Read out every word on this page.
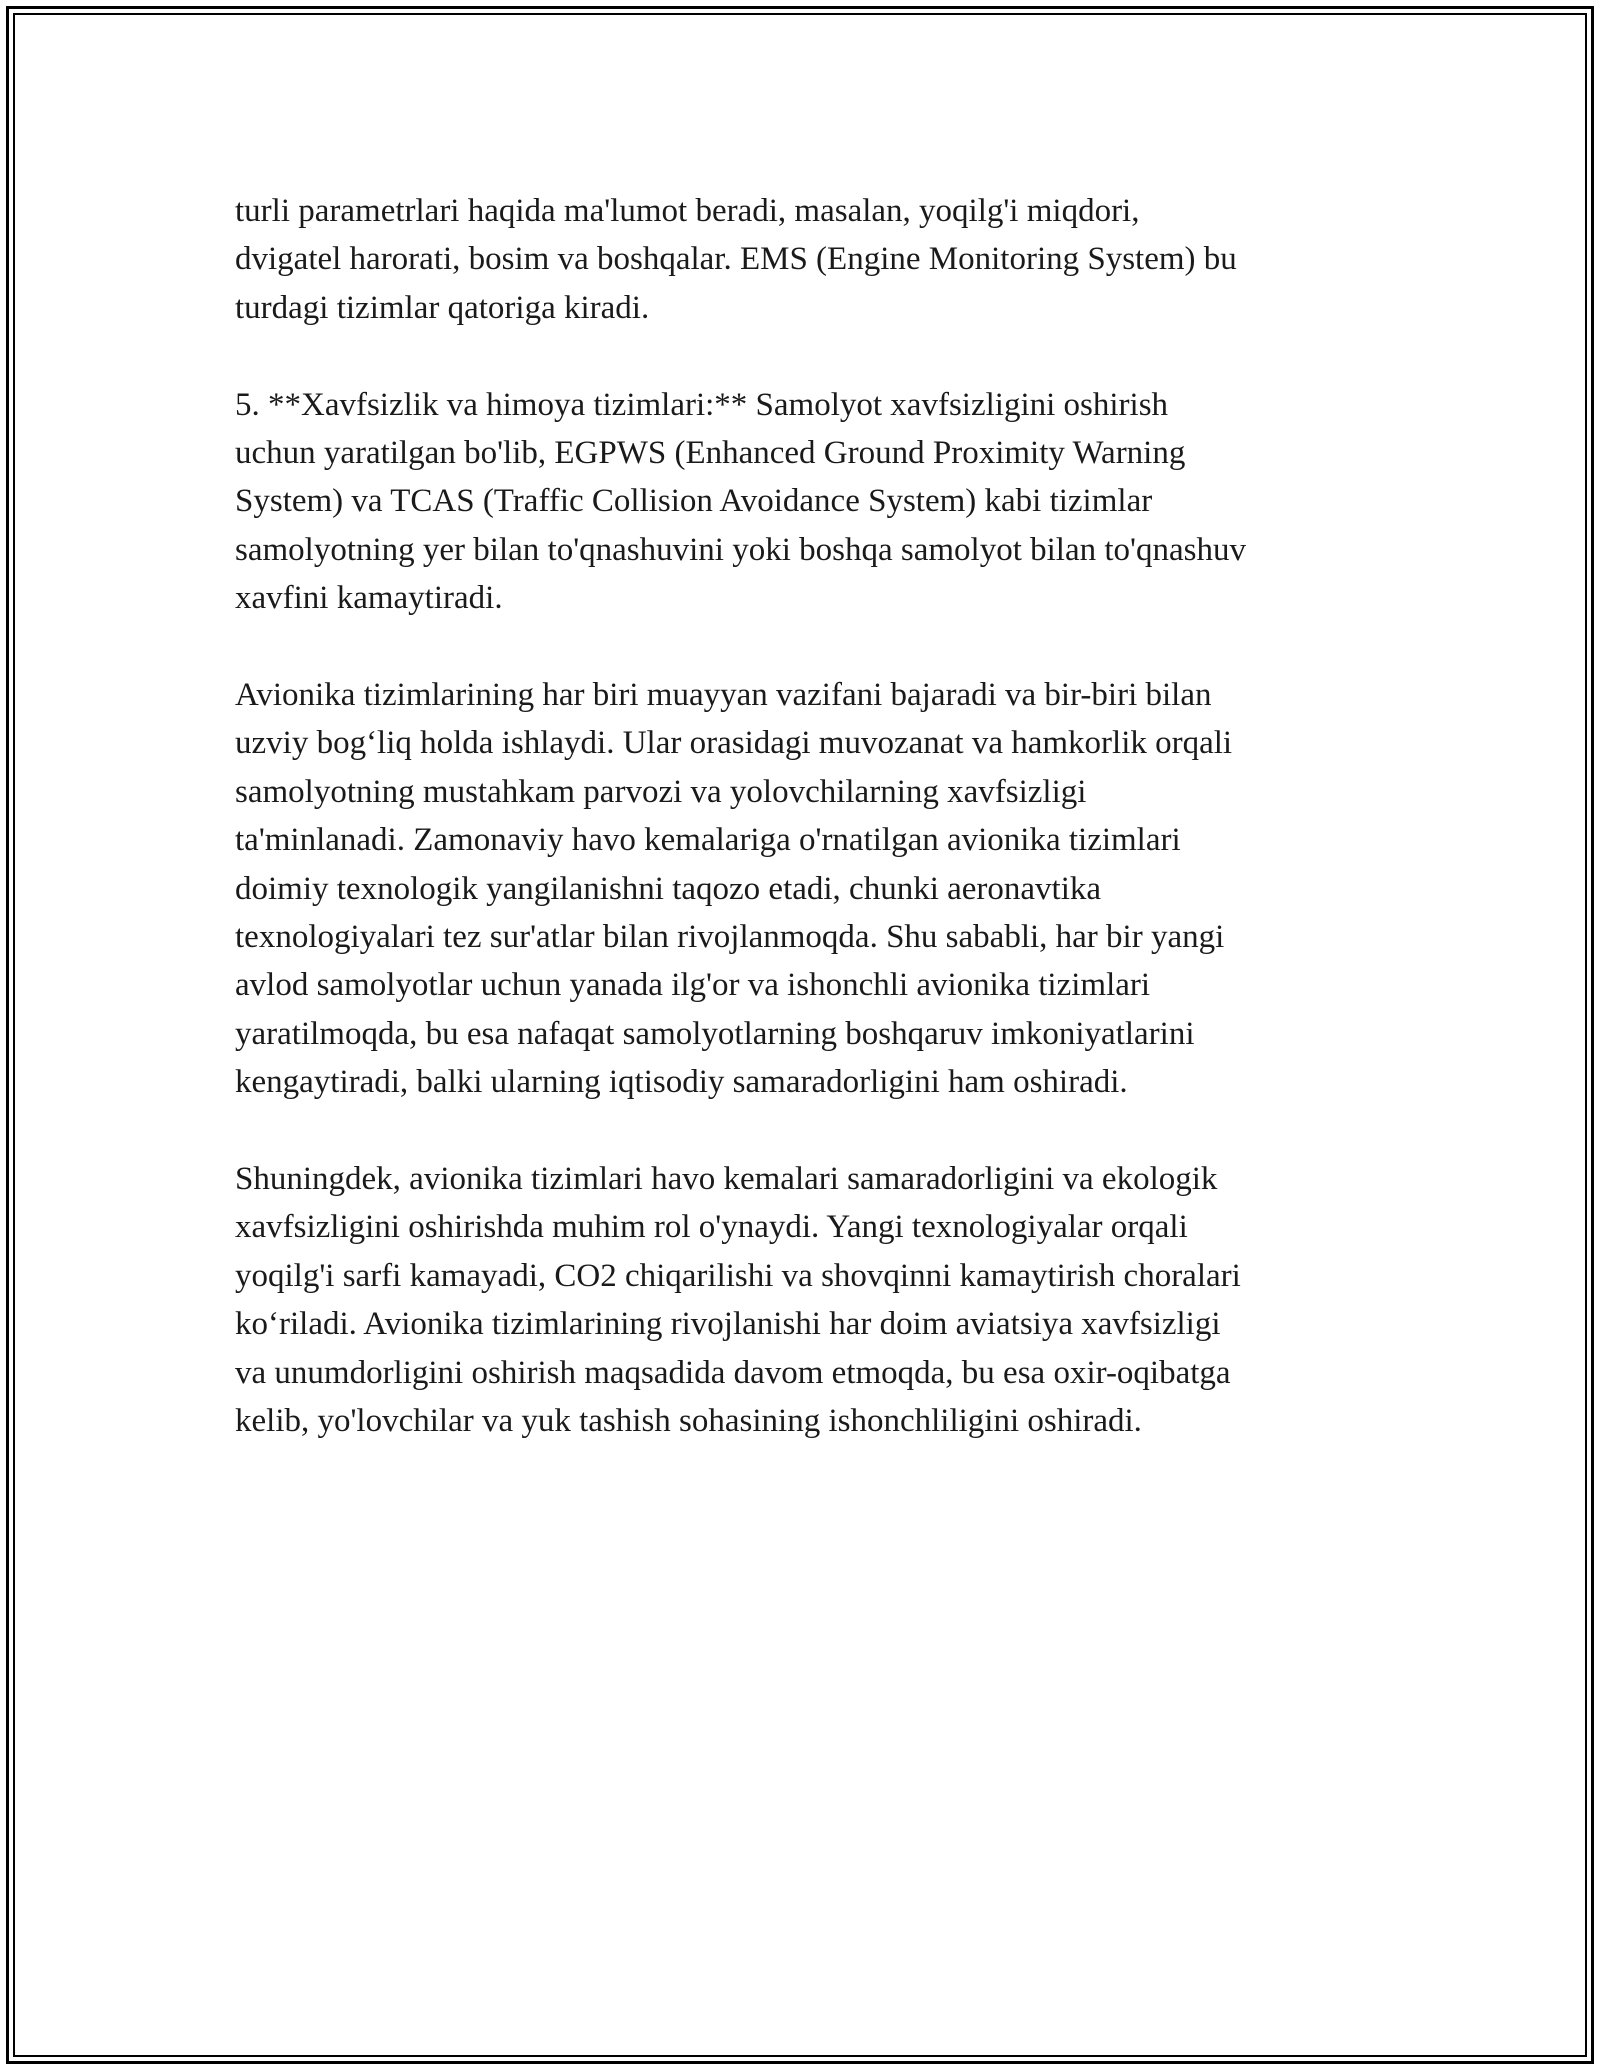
turli parametrlari haqida ma'lumot beradi, masalan, yoqilg'i miqdori,
dvigatel harorati, bosim va boshqalar. EMS (Engine Monitoring System) bu
turdagi tizimlar qatoriga kiradi.

5. **Xavfsizlik va himoya tizimlari:** Samolyot xavfsizligini oshirish
uchun yaratilgan bo'lib, EGPWS (Enhanced Ground Proximity Warning
System) va TCAS (Traffic Collision Avoidance System) kabi tizimlar
samolyotning yer bilan to'qnashuvini yoki boshqa samolyot bilan to'qnashuv
xavfini kamaytiradi.

Avionika tizimlarining har biri muayyan vazifani bajaradi va bir-biri bilan
uzviy bog‘liq holda ishlaydi. Ular orasidagi muvozanat va hamkorlik orqali
samolyotning mustahkam parvozi va yolovchilarning xavfsizligi
ta'minlanadi. Zamonaviy havo kemalariga o'rnatilgan avionika tizimlari
doimiy texnologik yangilanishni taqozo etadi, chunki aeronavtika
texnologiyalari tez sur'atlar bilan rivojlanmoqda. Shu sababli, har bir yangi
avlod samolyotlar uchun yanada ilg'or va ishonchli avionika tizimlari
yaratilmoqda, bu esa nafaqat samolyotlarning boshqaruv imkoniyatlarini
kengaytiradi, balki ularning iqtisodiy samaradorligini ham oshiradi.

Shuningdek, avionika tizimlari havo kemalari samaradorligini va ekologik
xavfsizligini oshirishda muhim rol o'ynaydi. Yangi texnologiyalar orqali
yoqilg'i sarfi kamayadi, CO2 chiqarilishi va shovqinni kamaytirish choralari
ko‘riladi. Avionika tizimlarining rivojlanishi har doim aviatsiya xavfsizligi
va unumdorligini oshirish maqsadida davom etmoqda, bu esa oxir-oqibatga
kelib, yo'lovchilar va yuk tashish sohasining ishonchliligini oshiradi.
